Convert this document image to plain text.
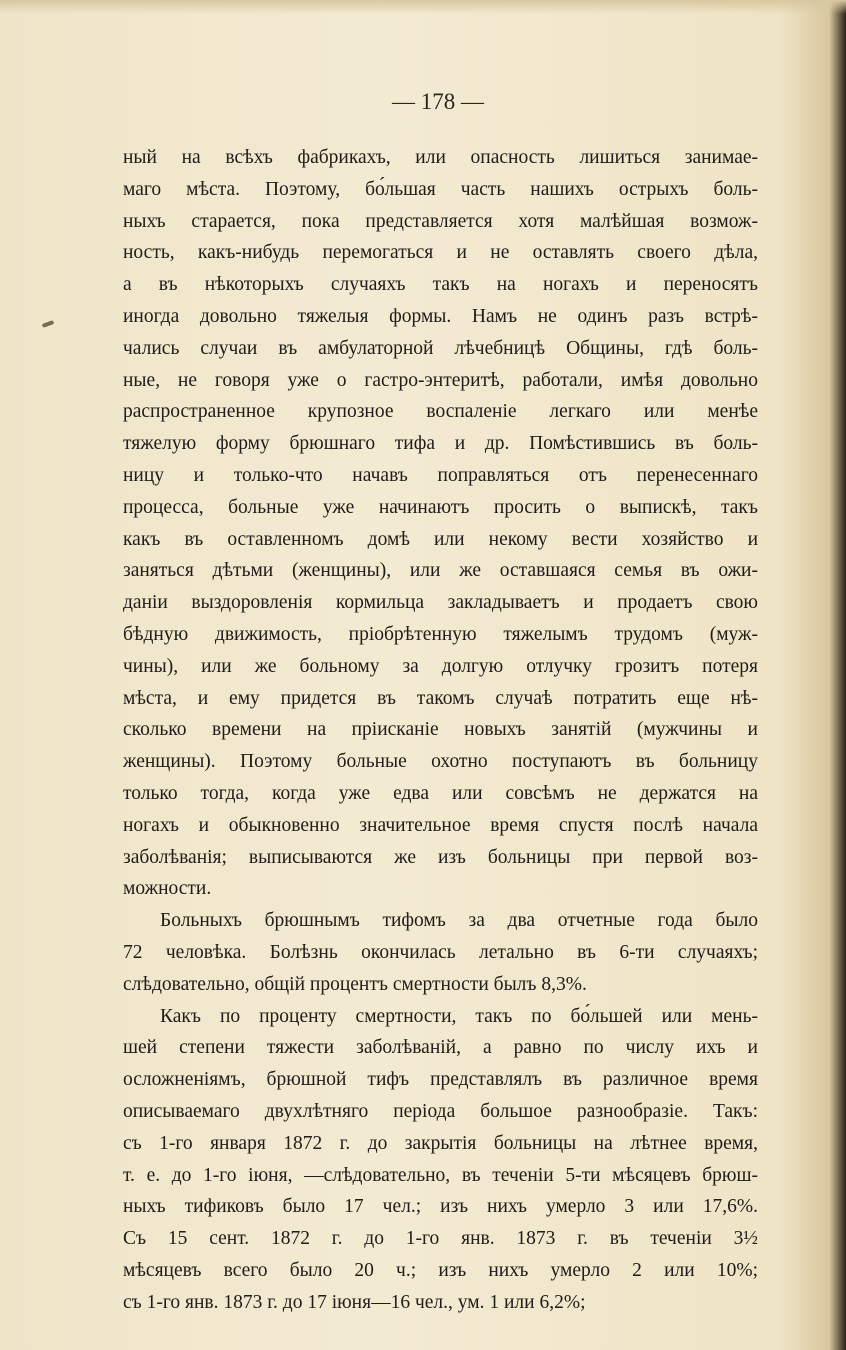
— 178 —
ный на всѣхъ фабрикахъ, или опасность лишиться занимае-
маго мѣста. Поэтому, бо́льшая часть нашихъ острыхъ боль-
ныхъ старается, пока представляется хотя малѣйшая возмож-
ность, какъ-нибудь перемогаться и не оставлять своего дѣла,
а въ нѣкоторыхъ случаяхъ такъ на ногахъ и переносятъ
иногда довольно тяжелыя формы. Намъ не одинъ разъ встрѣ-
чались случаи въ амбулаторной лѣчебницѣ Общины, гдѣ боль-
ные, не говоря уже о гастро-энтеритѣ, работали, имѣя довольно
распространенное крупозное воспаленіе легкаго или менѣе
тяжелую форму брюшнаго тифа и др. Помѣстившись въ боль-
ницу и только-что начавъ поправляться отъ перенесеннаго
процесса, больные уже начинаютъ просить о выпискѣ, такъ
какъ въ оставленномъ домѣ или некому вести хозяйство и
заняться дѣтьми (женщины), или же оставшаяся семья въ ожи-
даніи выздоровленія кормильца закладываетъ и продаетъ свою
бѣдную движимость, пріобрѣтенную тяжелымъ трудомъ (муж-
чины), или же больному за долгую отлучку грозитъ потеря
мѣста, и ему придется въ такомъ случаѣ потратить еще нѣ-
сколько времени на пріисканіе новыхъ занятій (мужчины и
женщины). Поэтому больные охотно поступаютъ въ больницу
только тогда, когда уже едва или совсѣмъ не держатся на
ногахъ и обыкновенно значительное время спустя послѣ начала
заболѣванія; выписываются же изъ больницы при первой воз-
можности.
Больныхъ брюшнымъ тифомъ за два отчетные года было
72 человѣка. Болѣзнь окончилась летально въ 6-ти случаяхъ;
слѣдовательно, общій процентъ смертности былъ 8,3%.
Какъ по проценту смертности, такъ по бо́льшей или мень-
шей степени тяжести заболѣваній, а равно по числу ихъ и
осложненіямъ, брюшной тифъ представлялъ въ различное время
описываемаго двухлѣтняго періода большое разнообразіе. Такъ:
съ 1-го января 1872 г. до закрытія больницы на лѣтнее время,
т. е. до 1-го іюня, —слѣдовательно, въ теченіи 5-ти мѣсяцевъ брюш-
ныхъ тификовъ было 17 чел.; изъ нихъ умерло 3 или 17,6%.
Съ 15 сент. 1872 г. до 1-го янв. 1873 г. въ теченіи 3½
мѣсяцевъ всего было 20 ч.; изъ нихъ умерло 2 или 10%;
съ 1-го янв. 1873 г. до 17 іюня—16 чел., ум. 1 или 6,2%;
